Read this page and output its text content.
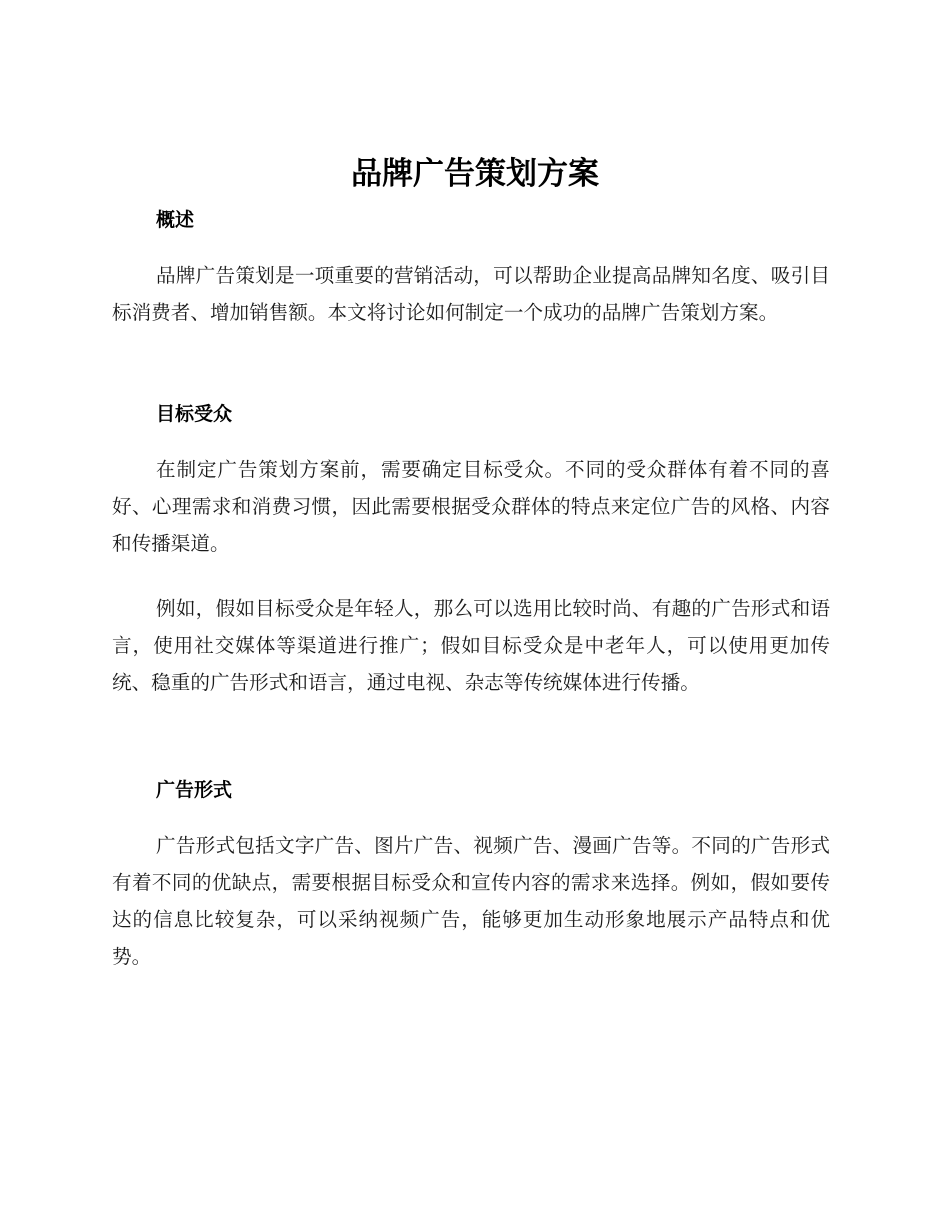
品牌广告策划方案
概述

品牌广告策划是一项重要的营销活动，可以帮助企业提高品牌知名度、吸引目标消费者、增加销售额。本文将讨论如何制定一个成功的品牌广告策划方案。

目标受众

在制定广告策划方案前，需要确定目标受众。不同的受众群体有着不同的喜好、心理需求和消费习惯，因此需要根据受众群体的特点来定位广告的风格、内容和传播渠道。

例如，假如目标受众是年轻人，那么可以选用比较时尚、有趣的广告形式和语言，使用社交媒体等渠道进行推广；假如目标受众是中老年人，可以使用更加传统、稳重的广告形式和语言，通过电视、杂志等传统媒体进行传播。

广告形式

广告形式包括文字广告、图片广告、视频广告、漫画广告等。不同的广告形式有着不同的优缺点，需要根据目标受众和宣传内容的需求来选择。例如，假如要传达的信息比较复杂，可以采纳视频广告，能够更加生动形象地展示产品特点和优势。
